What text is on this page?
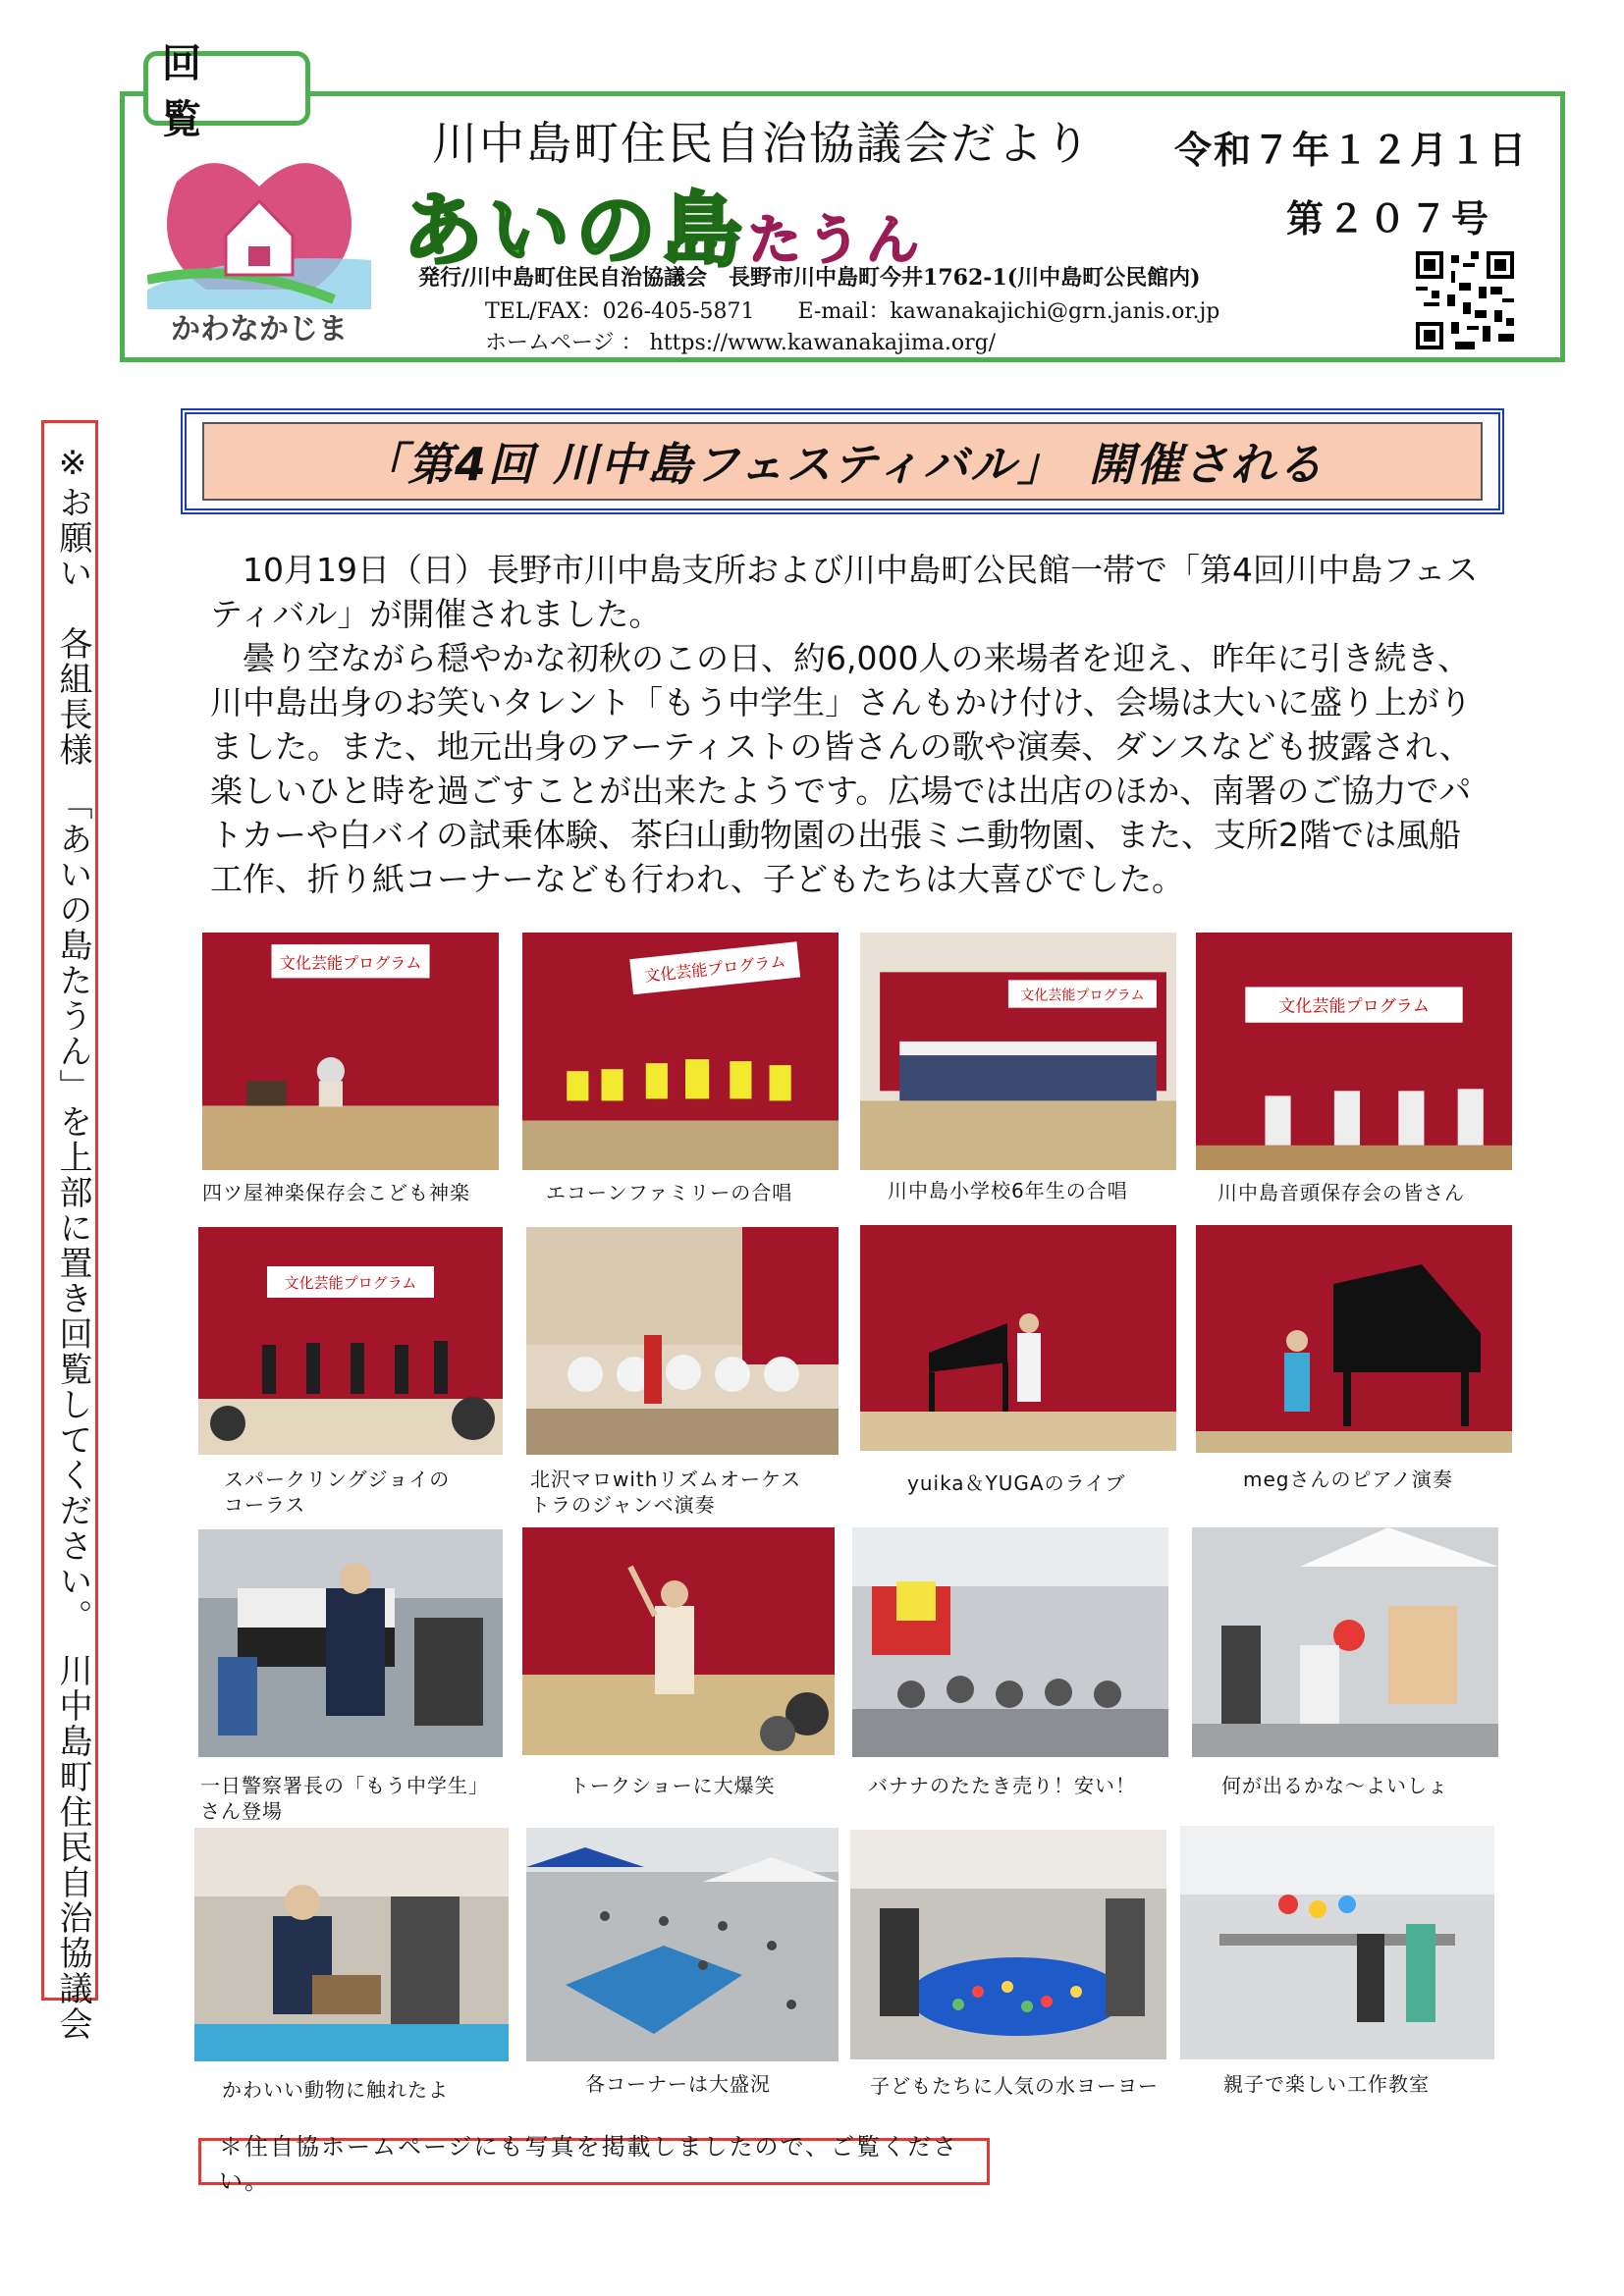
回 覧
かわなかじま
川中島町住民自治協議会だより 令和７年１２月１日
あいの島たうん	第２０７号
発行/川中島町住民自治協議会　長野市川中島町今井1762-1(川中島町公民館内)
TEL/FAX：026-405-5871　　E-mail：kawanakajichi@grn.janis.or.jp
ホームページ ： https://www.kawanakajima.org/
※お願い　各組長様　「あいの島たうん」を上部に置き回覧してください。　川中島町住民自治協議会	「第4回 川中島フェスティバル」　開催される

10月19日（日）長野市川中島支所および川中島町公民館一帯で「第4回川中島フェスティバル」が開催されました。

曇り空ながら穏やかな初秋のこの日、約6,000人の来場者を迎え、昨年に引き続き、川中島出身のお笑いタレント「もう中学生」さんもかけ付け、会場は大いに盛り上がりました。また、地元出身のアーティストの皆さんの歌や演奏、ダンスなども披露され、楽しいひと時を過ごすことが出来たようです。広場では出店のほか、南署のご協力でパトカーや白バイの試乗体験、茶臼山動物園の出張ミニ動物園、また、支所2階では風船工作、折り紙コーナーなども行われ、子どもたちは大喜びでした。

文化芸能プログラム	文化芸能プログラム
文化芸能プログラム
文化芸能プログラム
四ツ屋神楽保存会こども神楽	エコーンファミリーの合唱	川中島小学校6年生の合唱	川中島音頭保存会の皆さん
文化芸能プログラム
スパークリングジョイの
コーラス
北沢マロwithリズムオーケス
トラのジャンベ演奏
yuika＆YUGAのライブ	megさんのピアノ演奏
一日警察署長の「もう中学生」
さん登場
トークショーに大爆笑	バナナのたたき売り！安い！	何が出るかな～よいしょ
かわいい動物に触れたよ	各コーナーは大盛況	子どもたちに人気の水ヨーヨー	親子で楽しい工作教室
＊住自協ホームページにも写真を掲載しましたので、ご覧ください。
